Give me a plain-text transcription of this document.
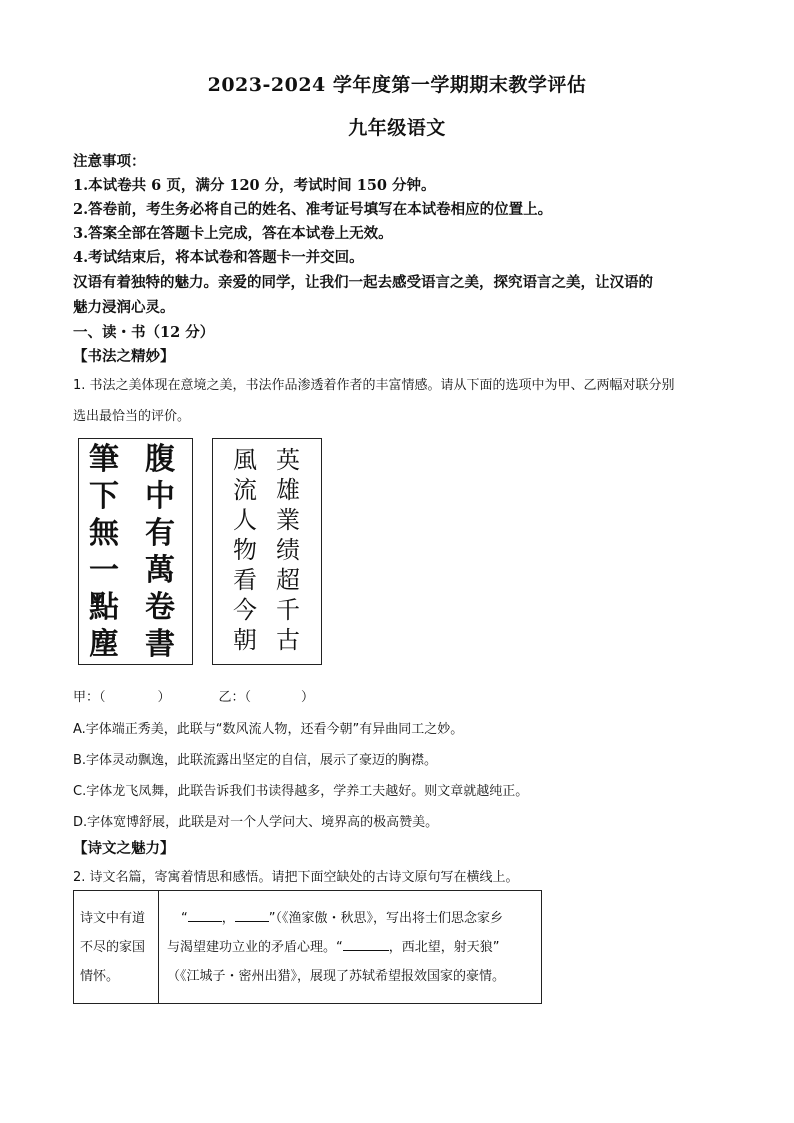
2023-2024 学年度第一学期期末教学评估
九年级语文
注意事项：
1.本试卷共 6 页，满分 120 分，考试时间 150 分钟。
2.答卷前，考生务必将自己的姓名、准考证号填写在本试卷相应的位置上。
3.答案全部在答题卡上完成，答在本试卷上无效。
4.考试结束后，将本试卷和答题卡一并交回。
汉语有着独特的魅力。亲爱的同学，让我们一起去感受语言之美，探究语言之美，让汉语的
魅力浸润心灵。
一、读・书（12 分）
【书法之精妙】
1. 书法之美体现在意境之美，书法作品渗透着作者的丰富情感。请从下面的选项中为甲、乙两幅对联分别
选出最恰当的评价。
筆
下
無
一
點
塵
腹
中
有
萬
卷
書
風
流
人
物
看
今
朝
英
雄
業
绩
超
千
古
甲：（	）	乙：（	）
A.字体端正秀美，此联与“数风流人物，还看今朝”有异曲同工之妙。
B.字体灵动飘逸，此联流露出坚定的自信，展示了豪迈的胸襟。
C.字体龙飞凤舞，此联告诉我们书读得越多，学养工夫越好。则文章就越纯正。
D.字体宽博舒展，此联是对一个人学问大、境界高的极高赞美。
【诗文之魅力】
2. 诗文名篇，寄寓着情思和感悟。请把下面空缺处的古诗文原句写在横线上。
诗文中有道
不尽的家国
情怀。

“	，	”（《渔家傲・秋思》，写出将士们思念家乡
与渴望建功立业的矛盾心理。“	，西北望，射天狼”
（《江城子・密州出猎》，展现了苏轼希望报效国家的豪情。
